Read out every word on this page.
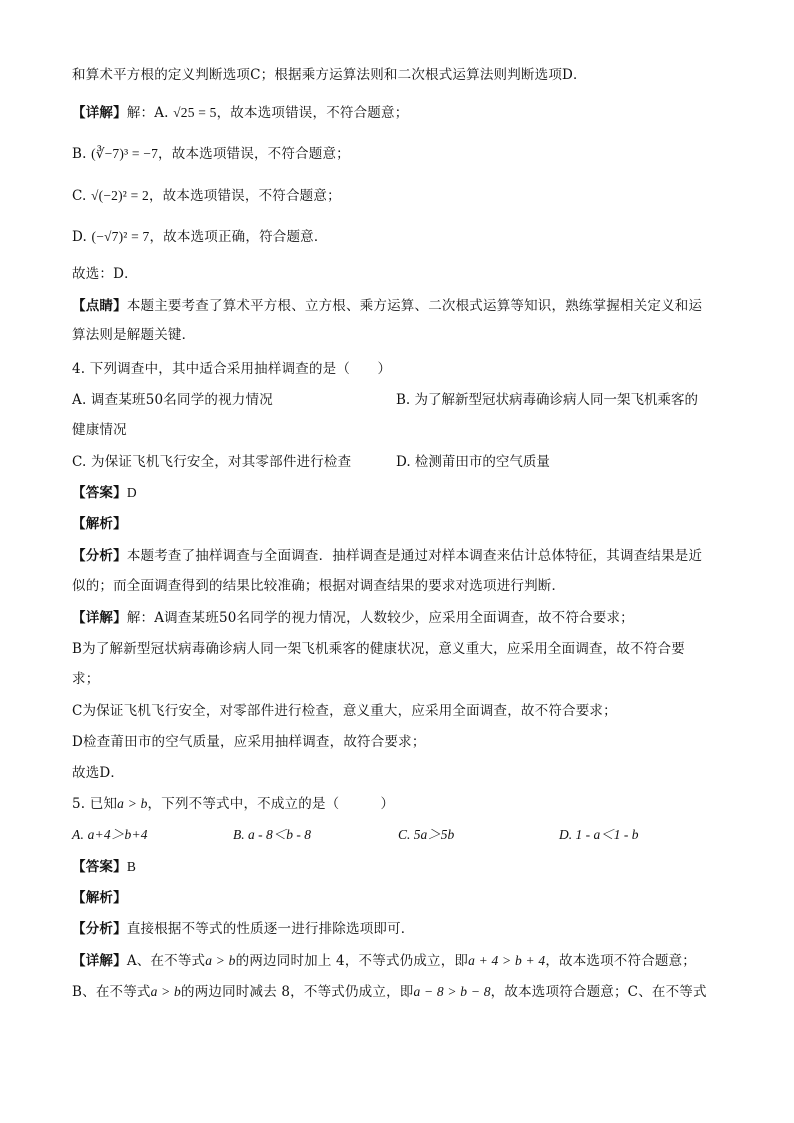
和算术平方根的定义判断选项C；根据乘方运算法则和二次根式运算法则判断选项D．
【详解】解：A. √25 = 5，故本选项错误，不符合题意；
B. (∛−7)³ = −7，故本选项错误，不符合题意；
C. √(−2)² = 2，故本选项错误，不符合题意；
D. (−√7)² = 7，故本选项正确，符合题意．
故选：D．
【点睛】本题主要考查了算术平方根、立方根、乘方运算、二次根式运算等知识，熟练掌握相关定义和运
算法则是解题关键．
4. 下列调查中，其中适合采用抽样调查的是（　　）
A. 调查某班50名同学的视力情况	B. 为了解新型冠状病毒确诊病人同一架飞机乘客的
健康情况
C. 为保证飞机飞行安全，对其零部件进行检查	D. 检测莆田市的空气质量
【答案】D
【解析】
【分析】本题考查了抽样调查与全面调查．抽样调查是通过对样本调查来估计总体特征，其调查结果是近
似的；而全面调查得到的结果比较准确；根据对调查结果的要求对选项进行判断．
【详解】解：A调查某班50名同学的视力情况，人数较少，应采用全面调查，故不符合要求；
B为了解新型冠状病毒确诊病人同一架飞机乘客的健康状况，意义重大，应采用全面调查，故不符合要
求；
C为保证飞机飞行安全，对零部件进行检查，意义重大，应采用全面调查，故不符合要求；
D检查莆田市的空气质量，应采用抽样调查，故符合要求；
故选D．
5. 已知a > b，下列不等式中，不成立的是（　　　）
A. a+4＞b+4	B. a - 8＜b - 8	C. 5a＞5b	D. 1 - a＜1 - b
【答案】B
【解析】
【分析】直接根据不等式的性质逐一进行排除选项即可．
【详解】A、在不等式a > b的两边同时加上 4，不等式仍成立，即a + 4 > b + 4，故本选项不符合题意；
B、在不等式a > b的两边同时减去 8，不等式仍成立，即a − 8 > b − 8，故本选项符合题意；C、在不等式
